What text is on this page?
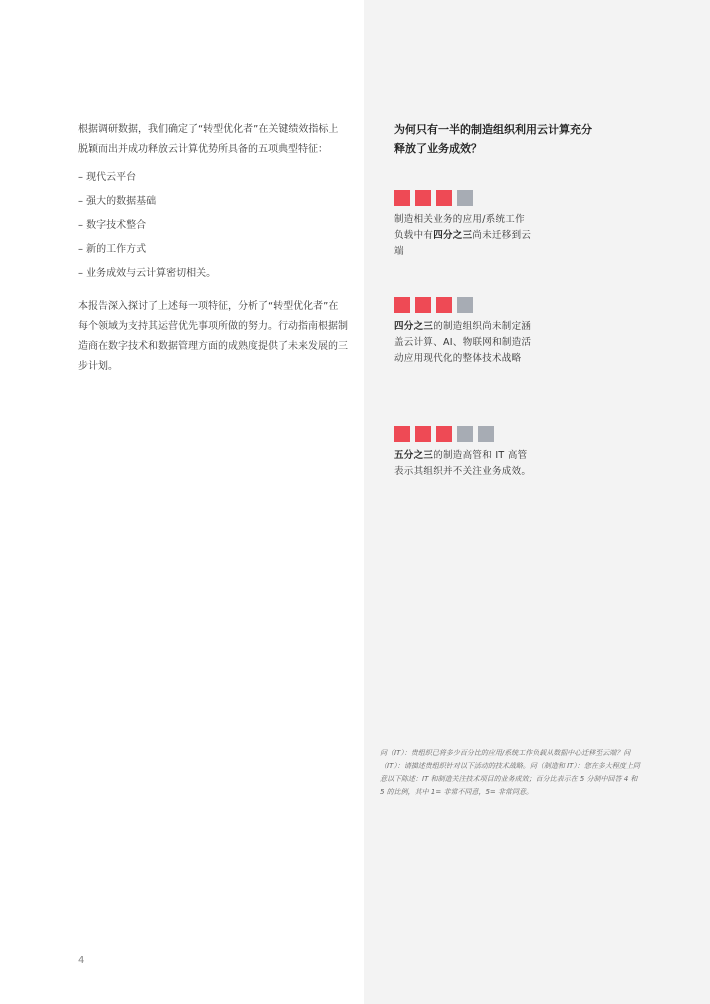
根据调研数据，我们确定了“转型优化者”在关键绩效指标上脱颖而出并成功释放云计算优势所具备的五项典型特征：

– 现代云平台
– 强大的数据基础
– 数字技术整合
– 新的工作方式
– 业务成效与云计算密切相关。

本报告深入探讨了上述每一项特征，分析了“转型优化者”在每个领域为支持其运营优先事项所做的努力。行动指南根据制造商在数字技术和数据管理方面的成熟度提供了未来发展的三步计划。

为何只有一半的制造组织利用云计算充分释放了业务成效？

制造相关业务的应用/系统工作负载中有四分之三尚未迁移到云端
四分之三的制造组织尚未制定涵盖云计算、AI、物联网和制造活动应用现代化的整体技术战略
五分之三的制造高管和 IT 高管表示其组织并不关注业务成效。

问（IT）：贵组织已将多少百分比的应用/系统工作负载从数据中心迁移至云端？问（IT）：请描述贵组织针对以下活动的技术战略。问（制造和 IT）：您在多大程度上同意以下陈述：IT 和制造关注技术项目的业务成效；百分比表示在 5 分制中回答 4 和 5 的比例，其中 1= 非常不同意，5= 非常同意。

4
